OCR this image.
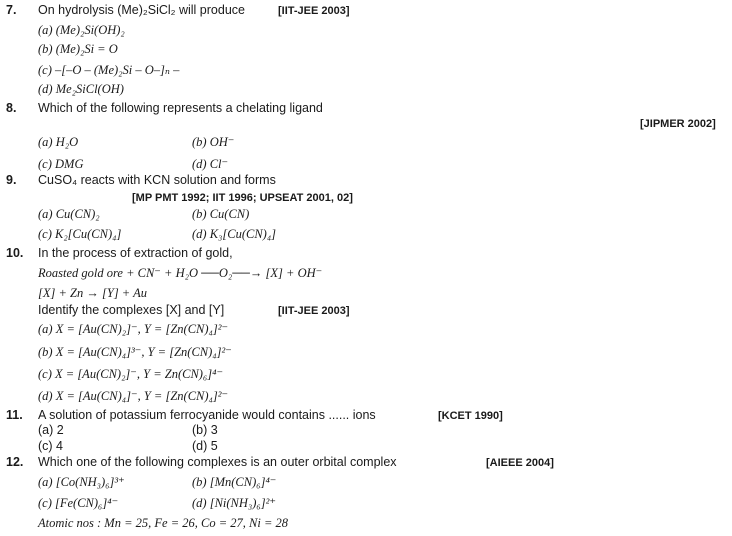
7. On hydrolysis (Me)₂SiCl₂ will produce	[IIT-JEE 2003]
(a) (Me)₂Si(OH)₂
(b) (Me)₂Si = O
(c) –[–O – (Me)₂Si – O–]ₙ –
(d) Me₂SiCl(OH)
8. Which of the following represents a chelating ligand
[JIPMER 2002]
(a) H₂O	(b) OH⁻
(c) DMG	(d) Cl⁻
9. CuSO₄ reacts with KCN solution and forms
[MP PMT 1992; IIT 1996; UPSEAT 2001, 02]
(a) Cu(CN)₂	(b) Cu(CN)
(c) K₂[Cu(CN)₄]	(d) K₃[Cu(CN)₄]
10. In the process of extraction of gold,
Roasted gold ore + CN⁻ + H₂O ──O₂──→ [X] + OH⁻
[X] + Zn → [Y] + Au
Identify the complexes [X] and [Y]	[IIT-JEE 2003]
(a) X = [Au(CN)₂]⁻, Y = [Zn(CN)₄]²⁻
(b) X = [Au(CN)₄]³⁻, Y = [Zn(CN)₄]²⁻
(c) X = [Au(CN)₂]⁻, Y = Zn(CN)₆]⁴⁻
(d) X = [Au(CN)₄]⁻, Y = [Zn(CN)₄]²⁻
11. A solution of potassium ferrocyanide would contains ...... ions	[KCET 1990]
(a) 2	(b) 3
(c) 4	(d) 5
12. Which one of the following complexes is an outer orbital complex	[AIEEE 2004]
(a) [Co(NH₃)₆]³⁺	(b) [Mn(CN)₆]⁴⁻
(c) [Fe(CN)₆]⁴⁻	(d) [Ni(NH₃)₆]²⁺
Atomic nos : Mn = 25, Fe = 26, Co = 27, Ni = 28
